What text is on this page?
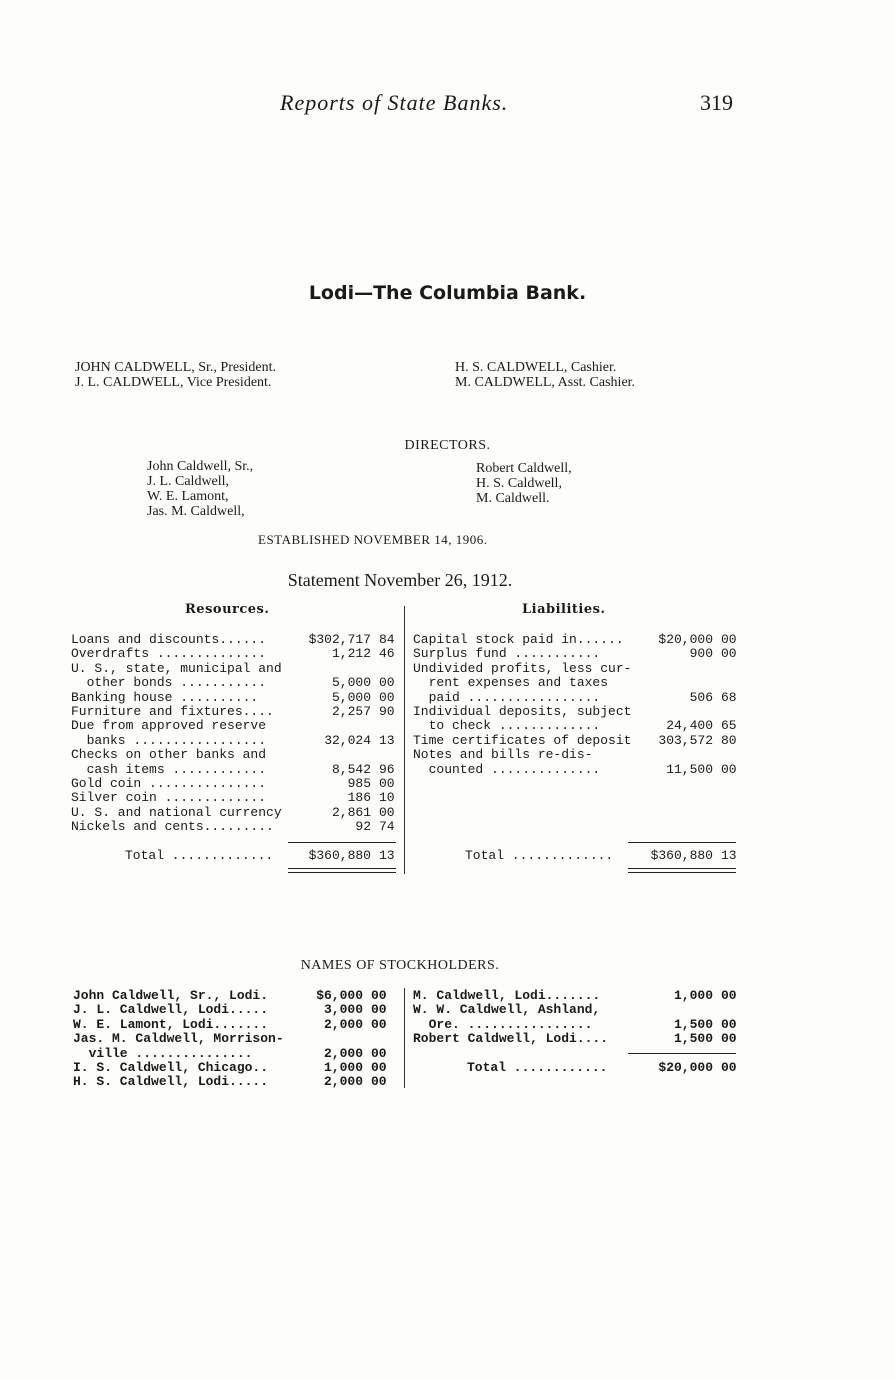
Reports of State Banks.	319
Lodi—The Columbia Bank.
JOHN CALDWELL, Sr., President.
J. L. CALDWELL, Vice President.
H. S. CALDWELL, Cashier.
M. CALDWELL, Asst. Cashier.
DIRECTORS.
John Caldwell, Sr.,
J. L. Caldwell,
W. E. Lamont,
Jas. M. Caldwell,
Robert Caldwell,
H. S. Caldwell,
M. Caldwell.
ESTABLISHED NOVEMBER 14, 1906.
Statement November 26, 1912.
Resources.	Liabilities.
Loans and discounts......	$302,717 84
Overdrafts ..............	1,212 46
U. S., state, municipal and
other bonds ...........	5,000 00
Banking house ..........	5,000 00
Furniture and fixtures....	2,257 90
Due from approved reserve
banks .................	32,024 13
Checks on other banks and
cash items ............	8,542 96
Gold coin ...............	985 00
Silver coin .............	186 10
U. S. and national currency	2,861 00
Nickels and cents.........	92 74
Total .............	$360,880 13
Capital stock paid in......	$20,000 00
Surplus fund ...........	900 00
Undivided profits, less cur-
rent expenses and taxes
paid .................	506 68
Individual deposits, subject
to check .............	24,400 65
Time certificates of deposit	303,572 80
Notes and bills re-dis-
counted ..............	11,500 00
Total .............	$360,880 13
NAMES OF STOCKHOLDERS.
John Caldwell, Sr., Lodi.	$6,000 00
J. L. Caldwell, Lodi.....	3,000 00
W. E. Lamont, Lodi.......	2,000 00
Jas. M. Caldwell, Morrison-
ville ...............	2,000 00
I. S. Caldwell, Chicago..	1,000 00
H. S. Caldwell, Lodi.....	2,000 00
M. Caldwell, Lodi.......	1,000 00
W. W. Caldwell, Ashland,
Ore. ................	1,500 00
Robert Caldwell, Lodi....	1,500 00
Total ............	$20,000 00
